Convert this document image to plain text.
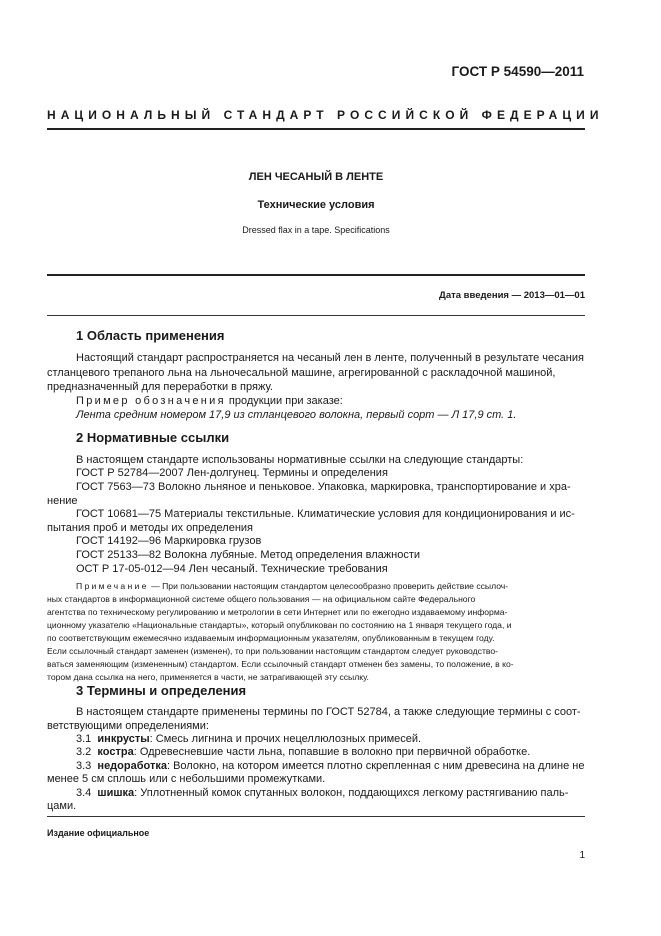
ГОСТ Р 54590—2011
НАЦИОНАЛЬНЫЙ СТАНДАРТ РОССИЙСКОЙ ФЕДЕРАЦИИ
ЛЕН ЧЕСАНЫЙ В ЛЕНТЕ
Технические условия
Dressed flax in a tape. Specifications
Дата введения — 2013—01—01
1 Область применения
Настоящий стандарт распространяется на чесаный лен в ленте, полученный в результате чесания
стланцевого трепаного льна на льночесальной машине, агрегированной с раскладочной машиной,
предназначенный для переработки в пряжу.
Пример обозначения продукции при заказе:
Лента средним номером 17,9 из стланцевого волокна, первый сорт — Л 17,9 ст. 1.
2 Нормативные ссылки
В настоящем стандарте использованы нормативные ссылки на следующие стандарты:
ГОСТ Р 52784—2007 Лен-долгунец. Термины и определения
ГОСТ 7563—73 Волокно льняное и пеньковое. Упаковка, маркировка, транспортирование и хра-
нение
ГОСТ 10681—75 Материалы текстильные. Климатические условия для кондиционирования и ис-
пытания проб и методы их определения
ГОСТ 14192—96 Маркировка грузов
ГОСТ 25133—82 Волокна лубяные. Метод определения влажности
ОСТ Р 17-05-012—94 Лен чесаный. Технические требования
Примечание — При пользовании настоящим стандартом целесообразно проверить действие ссылоч-
ных стандартов в информационной системе общего пользования — на официальном сайте Федерального
агентства по техническому регулированию и метрологии в сети Интернет или по ежегодно издаваемому информа-
ционному указателю «Национальные стандарты», который опубликован по состоянию на 1 января текущего года, и
по соответствующим ежемесячно издаваемым информационным указателям, опубликованным в текущем году.
Если ссылочный стандарт заменен (изменен), то при пользовании настоящим стандартом следует руководство-
ваться заменяющим (измененным) стандартом. Если ссылочный стандарт отменен без замены, то положение, в ко-
тором дана ссылка на него, применяется в части, не затрагивающей эту ссылку.
3 Термины и определения
В настоящем стандарте применены термины по ГОСТ 52784, а также следующие термины с соот-
ветствующими определениями:
3.1 инкрусты: Смесь лигнина и прочих нецеллюлозных примесей.
3.2 костра: Одревесневшие части льна, попавшие в волокно при первичной обработке.
3.3 недоработка: Волокно, на котором имеется плотно скрепленная с ним древесина на длине не
менее 5 см сплошь или с небольшими промежутками.
3.4 шишка: Уплотненный комок спутанных волокон, поддающихся легкому растягиванию паль-
цами.
Издание официальное
1
